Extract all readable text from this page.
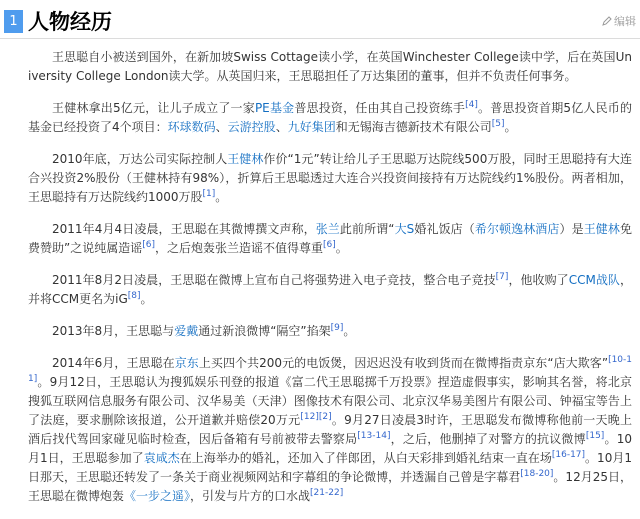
1 人物经历	编辑

王思聪自小被送到国外，在新加坡Swiss Cottage读小学，在英国Winchester College读中学，后在英国University College London读大学。从英国归来，王思聪担任了万达集团的董事，但并不负责任何事务。

王健林拿出5亿元，让儿子成立了一家PE基金普思投资，任由其自己投资练手[4]。普思投资首期5亿人民币的基金已经投资了4个项目：环球数码、云游控股、九好集团和无锡海吉德新技术有限公司[5]。

2010年底，万达公司实际控制人王健林作价“1元”转让给儿子王思聪万达院线500万股，同时王思聪持有大连合兴投资2%股份（王健林持有98%），折算后王思聪透过大连合兴投资间接持有万达院线约1%股份。两者相加，王思聪持有万达院线约1000万股[1]。

2011年4月4日凌晨，王思聪在其微博撰文声称，张兰此前所谓“大S婚礼饭店（希尔顿逸林酒店）是王健林免费赞助”之说纯属造谣[6]，之后炮轰张兰造谣不值得尊重[6]。

2011年8月2日凌晨，王思聪在微博上宣布自己将强势进入电子竞技，整合电子竞技[7]，他收购了CCM战队，并将CCM更名为iG[8]。

2013年8月，王思聪与爱戴通过新浪微博“隔空”掐架[9]。

2014年6月，王思聪在京东上买四个共200元的电饭煲，因迟迟没有收到货而在微博指责京东“店大欺客”[10-11]。9月12日，王思聪认为搜狐娱乐刊登的报道《富二代王思聪掷千万投票》捏造虚假事实，影响其名誉，将北京搜狐互联网信息服务有限公司、汉华易美（天津）图像技术有限公司、北京汉华易美图片有限公司、钟福宝等告上了法庭，要求删除该报道，公开道歉并赔偿20万元[12][2]。9月27日凌晨3时许，王思聪发布微博称他前一天晚上酒后找代驾回家碰见临时检查，因后备箱有号前被带去警察局[13-14]，之后，他删掉了对警方的抗议微博[15]。10月1日，王思聪参加了袁咸杰在上海举办的婚礼，还加入了伴郎团，从白天彩排到婚礼结束一直在场[16-17]。10月1日那天，王思聪还转发了一条关于商业视频网站和字幕组的争论微博，并透漏自己曾是字幕君[18-20]。12月25日，王思聪在微博炮轰《一步之遥》，引发与片方的口水战[21-22]
